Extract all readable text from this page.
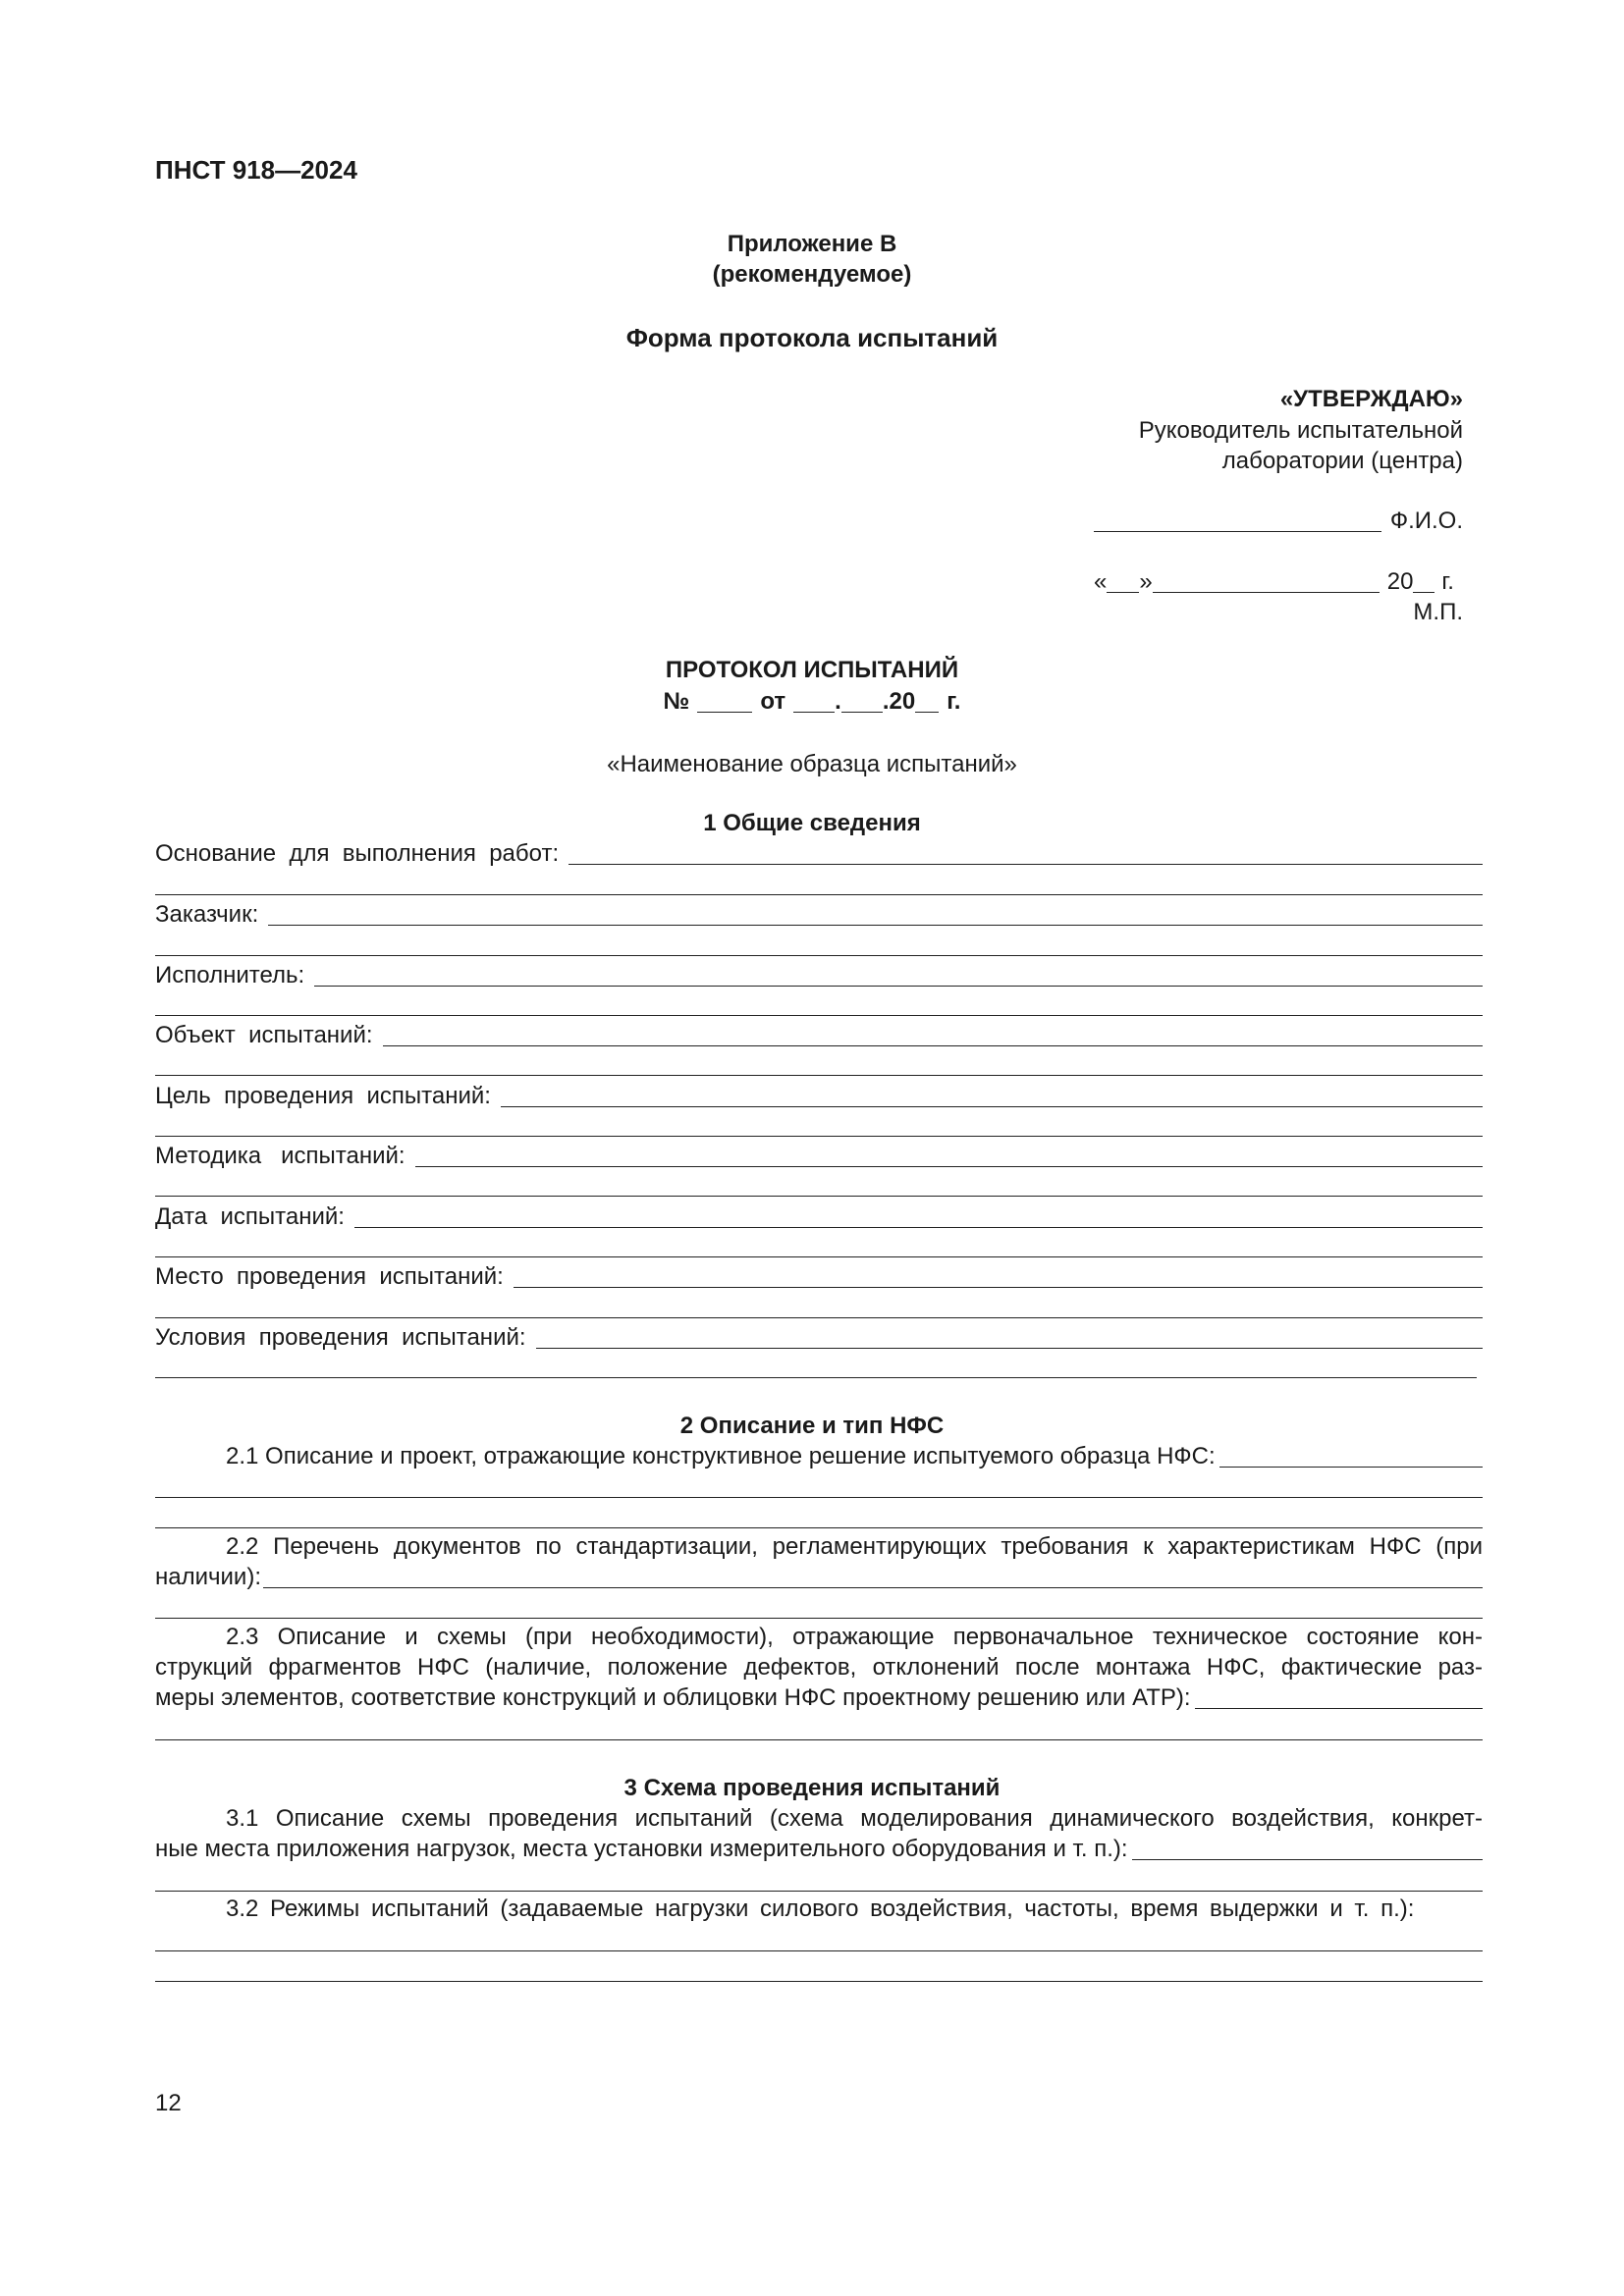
ПНСТ 918—2024
Приложение В
(рекомендуемое)
Форма протокола испытаний
«УТВЕРЖДАЮ»
Руководитель испытательной
лаборатории (центра)
Ф.И.О.
« »	20 г.
М.П.
ПРОТОКОЛ ИСПЫТАНИЙ
№	от . .20 г.
«Наименование образца испытаний»
1 Общие сведения
Основание  для  выполнения  работ:
Заказчик:
Исполнитель:
Объект  испытаний:
Цель  проведения  испытаний:
Методика   испытаний:
Дата  испытаний:
Место  проведения  испытаний:
Условия  проведения  испытаний:
2 Описание и тип НФС
2.1 Описание и проект, отражающие конструктивное решение испытуемого образца НФС:
2.2 Перечень документов по стандартизации, регламентирующих требования к характеристикам НФС (при
наличии):
2.3 Описание и схемы (при необходимости), отражающие первоначальное техническое состояние кон-
струкций фрагментов НФС (наличие, положение дефектов, отклонений после монтажа НФС, фактические раз-
меры элементов, соответствие конструкций и облицовки НФС проектному решению или АТР):
3 Схема проведения испытаний
3.1 Описание схемы проведения испытаний (схема моделирования динамического воздействия, конкрет-
ные места приложения нагрузок, места установки измерительного оборудования и т. п.):
3.2 Режимы испытаний (задаваемые нагрузки силового воздействия, частоты, время выдержки и т. п.):
12
